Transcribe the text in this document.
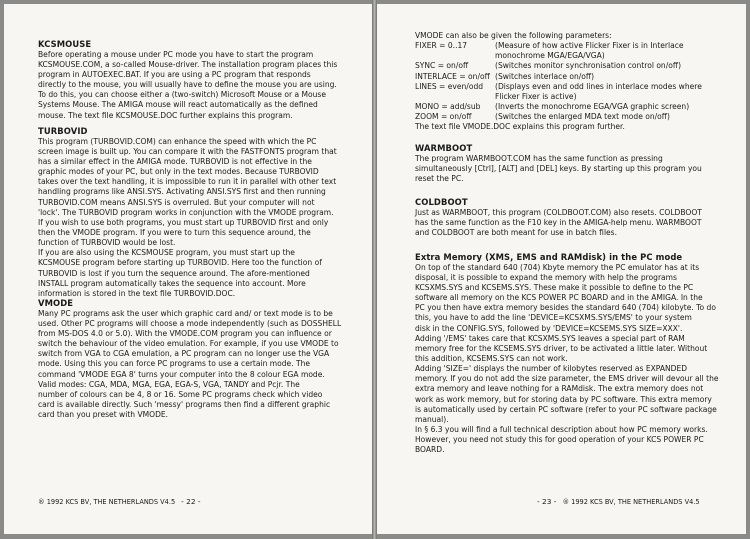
KCSMOUSE
Before operating a mouse under PC mode you have to start the program
KCSMOUSE.COM, a so-called Mouse-driver. The installation program places this
program in AUTOEXEC.BAT. If you are using a PC program that responds
directly to the mouse, you will usually have to define the mouse you are using.
To do this, you can choose either a (two-switch) Microsoft Mouse or a Mouse
Systems Mouse. The AMIGA mouse will react automatically as the defined
mouse. The text file KCSMOUSE.DOC further explains this program.
TURBOVID
This program (TURBOVID.COM) can enhance the speed with which the PC
screen image is built up. You can compare it with the FASTFONTS program that
has a similar effect in the AMIGA mode. TURBOVID is not effective in the
graphic modes of your PC, but only in the text modes. Because TURBOVID
takes over the text handling, it is impossible to run it in parallel with other text
handling programs like ANSI.SYS. Activating ANSI.SYS first and then running
TURBOVID.COM means ANSI.SYS is overruled. But your computer will not
'lock'. The TURBOVID program works in conjunction with the VMODE program.
If you wish to use both programs, you must start up TURBOVID first and only
then the VMODE program. If you were to turn this sequence around, the
function of TURBOVID would be lost.
If you are also using the KCSMOUSE program, you must start up the
KCSMOUSE program before starting up TURBOVID. Here too the function of
TURBOVID is lost if you turn the sequence around. The afore-mentioned
INSTALL program automatically takes the sequence into account. More
information is stored in the text file TURBOVID.DOC.
VMODE
Many PC programs ask the user which graphic card and/ or text mode is to be
used. Other PC programs will choose a mode independently (such as DOSSHELL
from MS-DOS 4.0 or 5.0). With the VMODE.COM program you can influence or
switch the behaviour of the video emulation. For example, if you use VMODE to
switch from VGA to CGA emulation, a PC program can no longer use the VGA
mode. Using this you can force PC programs to use a certain mode. The
command 'VMODE EGA 8' turns your computer into the 8 colour EGA mode.
Valid modes: CGA, MDA, MGA, EGA, EGA-S, VGA, TANDY and Pcjr. The
number of colours can be 4, 8 or 16. Some PC programs check which video
card is available directly. Such 'messy' programs then find a different graphic
card than you preset with VMODE.
® 1992 KCS BV, THE NETHERLANDS V4.5 - 22 -
VMODE can also be given the following parameters:
FIXER = 0..17	(Measure of how active Flicker Fixer is in Interlace
monochrome MGA/EGA/VGA)
SYNC = on/off	(Switches monitor synchronisation control on/off)
INTERLACE = on/off (Switches interlace on/off)
LINES = even/odd (Displays even and odd lines in interlace modes where
Flicker Fixer is active)
MONO = add/sub (Inverts the monochrome EGA/VGA graphic screen)
ZOOM = on/off	(Switches the enlarged MDA text mode on/off)
The text file VMODE.DOC explains this program further.
WARMBOOT
The program WARMBOOT.COM has the same function as pressing
simultaneously [Ctrl], [ALT] and [DEL] keys. By starting up this program you
reset the PC.
COLDBOOT
Just as WARMBOOT, this program (COLDBOOT.COM) also resets. COLDBOOT
has the same function as the F10 key in the AMIGA-help menu. WARMBOOT
and COLDBOOT are both meant for use in batch files.
Extra Memory (XMS, EMS and RAMdisk) in the PC mode
On top of the standard 640 (704) Kbyte memory the PC emulator has at its
disposal, it is possible to expand the memory with help the programs
KCSXMS.SYS and KCSEMS.SYS. These make it possible to define to the PC
software all memory on the KCS POWER PC BOARD and in the AMIGA. In the
PC you then have extra memory besides the standard 640 (704) kilobyte. To do
this, you have to add the line 'DEVICE=KCSXMS.SYS/EMS' to your system
disk in the CONFIG.SYS, followed by 'DEVICE=KCSEMS.SYS SIZE=XXX'.
Adding '/EMS' takes care that KCSXMS.SYS leaves a special part of RAM
memory free for the KCSEMS.SYS driver, to be activated a little later. Without
this addition, KCSEMS.SYS can not work.
Adding 'SIZE=' displays the number of kilobytes reserved as EXPANDED
memory. If you do not add the size parameter, the EMS driver will devour all the
extra memory and leave nothing for a RAMdisk. The extra memory does not
work as work memory, but for storing data by PC software. This extra memory
is automatically used by certain PC software (refer to your PC software package
manual).
In § 6.3 you will find a full technical description about how PC memory works.
However, you need not study this for good operation of your KCS POWER PC
BOARD.
- 23 - ® 1992 KCS BV, THE NETHERLANDS V4.5
